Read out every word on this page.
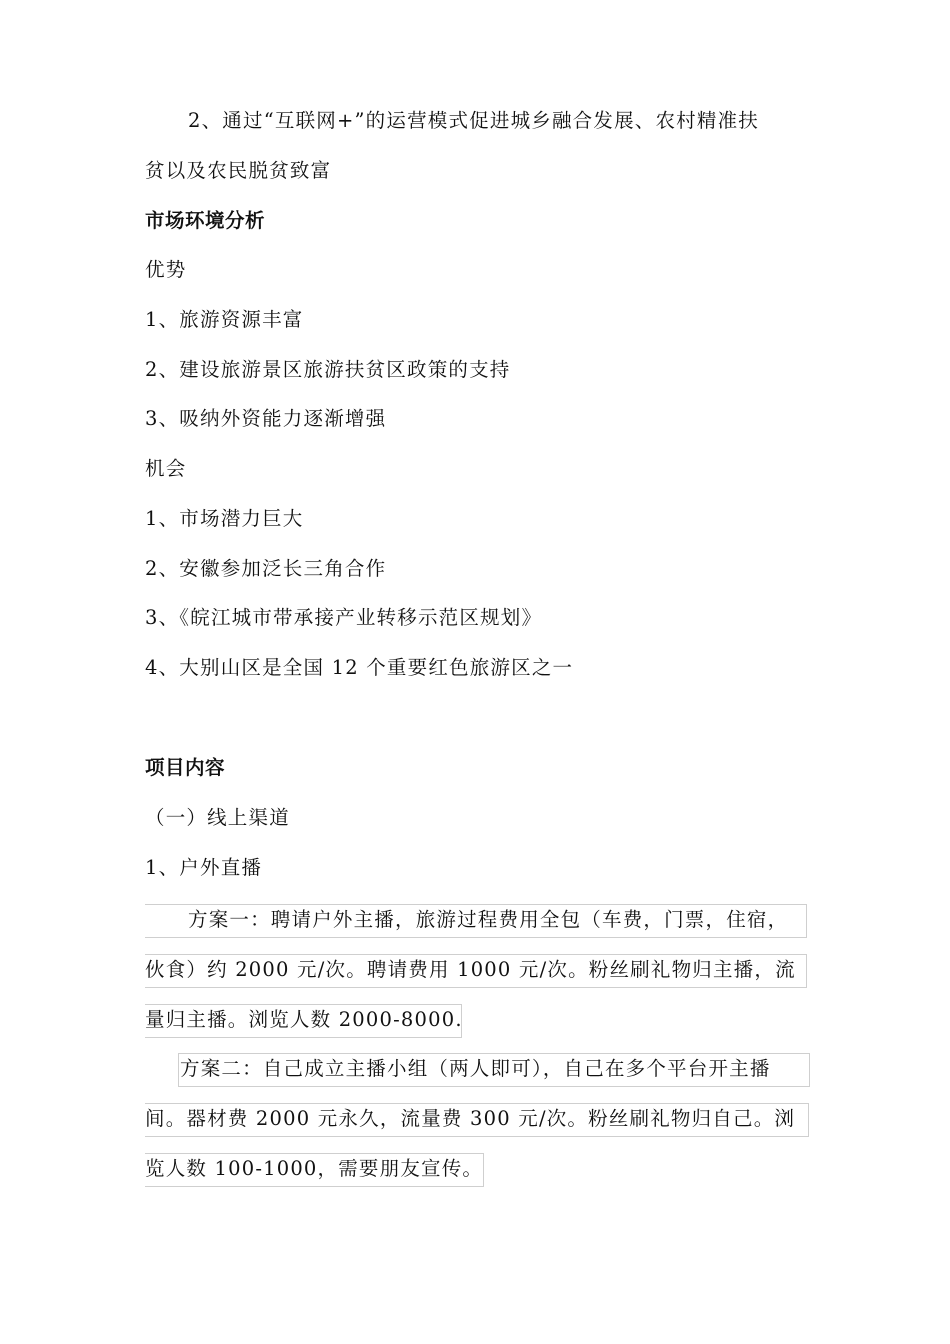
2、通过“互联网+”的运营模式促进城乡融合发展、农村精准扶
贫以及农民脱贫致富
市场环境分析
优势
1、旅游资源丰富
2、建设旅游景区旅游扶贫区政策的支持
3、吸纳外资能力逐渐增强
机会
1、市场潜力巨大
2、安徽参加泛长三角合作
3、《皖江城市带承接产业转移示范区规划》
4、大别山区是全国 12 个重要红色旅游区之一
项目内容
（一）线上渠道
1、户外直播
方案一：聘请户外主播，旅游过程费用全包（车费，门票，住宿，
伙食）约 2000 元/次。聘请费用 1000 元/次。粉丝刷礼物归主播，流
量归主播。浏览人数 2000-8000.
方案二：自己成立主播小组（两人即可），自己在多个平台开主播
间。器材费 2000 元永久，流量费 300 元/次。粉丝刷礼物归自己。浏
览人数 100-1000，需要朋友宣传。
